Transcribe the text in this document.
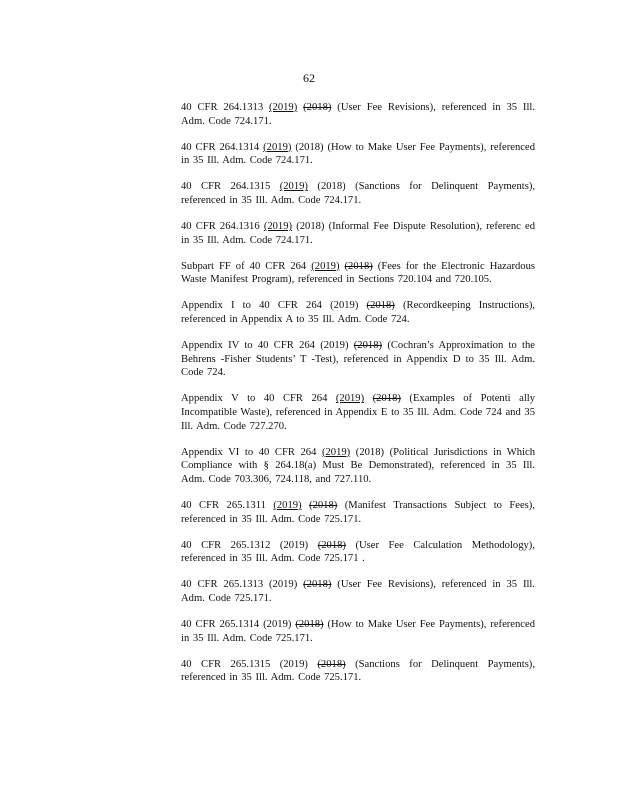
62

40 CFR 264.1313 (2019) (2018) (User Fee Revisions), referenced in 35 Ill. Adm. Code 724.171.

40 CFR 264.1314 (2019) (2018) (How to Make User Fee Payments), referenced in 35 Ill. Adm. Code 724.171.

40 CFR 264.1315 (2019) (2018) (Sanctions for Delinquent Payments), referenced in 35 Ill. Adm. Code 724.171.

40 CFR 264.1316 (2019) (2018) (Informal Fee Dispute Resolution), referenc ed in 35 Ill. Adm. Code 724.171.

Subpart FF of 40 CFR 264 (2019) (2018) (Fees for the Electronic Hazardous Waste Manifest Program), referenced in Sections 720.104 and 720.105.

Appendix I to 40 CFR 264 (2019) (2018) (Recordkeeping Instructions), referenced in Appendix A to 35 Ill. Adm. Code 724.

Appendix IV to 40 CFR 264 (2019) (2018) (Cochran’s Approximation to the Behrens -Fisher Students’ T -Test), referenced in Appendix D to 35 Ill. Adm. Code 724.

Appendix V to 40 CFR 264 (2019) (2018) (Examples of Potenti ally Incompatible Waste), referenced in Appendix E to 35 Ill. Adm. Code 724 and 35 Ill. Adm. Code 727.270.

Appendix VI to 40 CFR 264 (2019) (2018) (Political Jurisdictions in Which Compliance with § 264.18(a) Must Be Demonstrated), referenced in 35 Ill. Adm. Code 703.306, 724.118, and 727.110.

40 CFR 265.1311 (2019) (2018) (Manifest Transactions Subject to Fees), referenced in 35 Ill. Adm. Code 725.171.

40 CFR 265.1312 (2019) (2018) (User Fee Calculation Methodology), referenced in 35 Ill. Adm. Code 725.171 .

40 CFR 265.1313 (2019) (2018) (User Fee Revisions), referenced in 35 Ill. Adm. Code 725.171.

40 CFR 265.1314 (2019) (2018) (How to Make User Fee Payments), referenced in 35 Ill. Adm. Code 725.171.

40 CFR 265.1315 (2019) (2018) (Sanctions for Delinquent Payments), referenced in 35 Ill. Adm. Code 725.171.
